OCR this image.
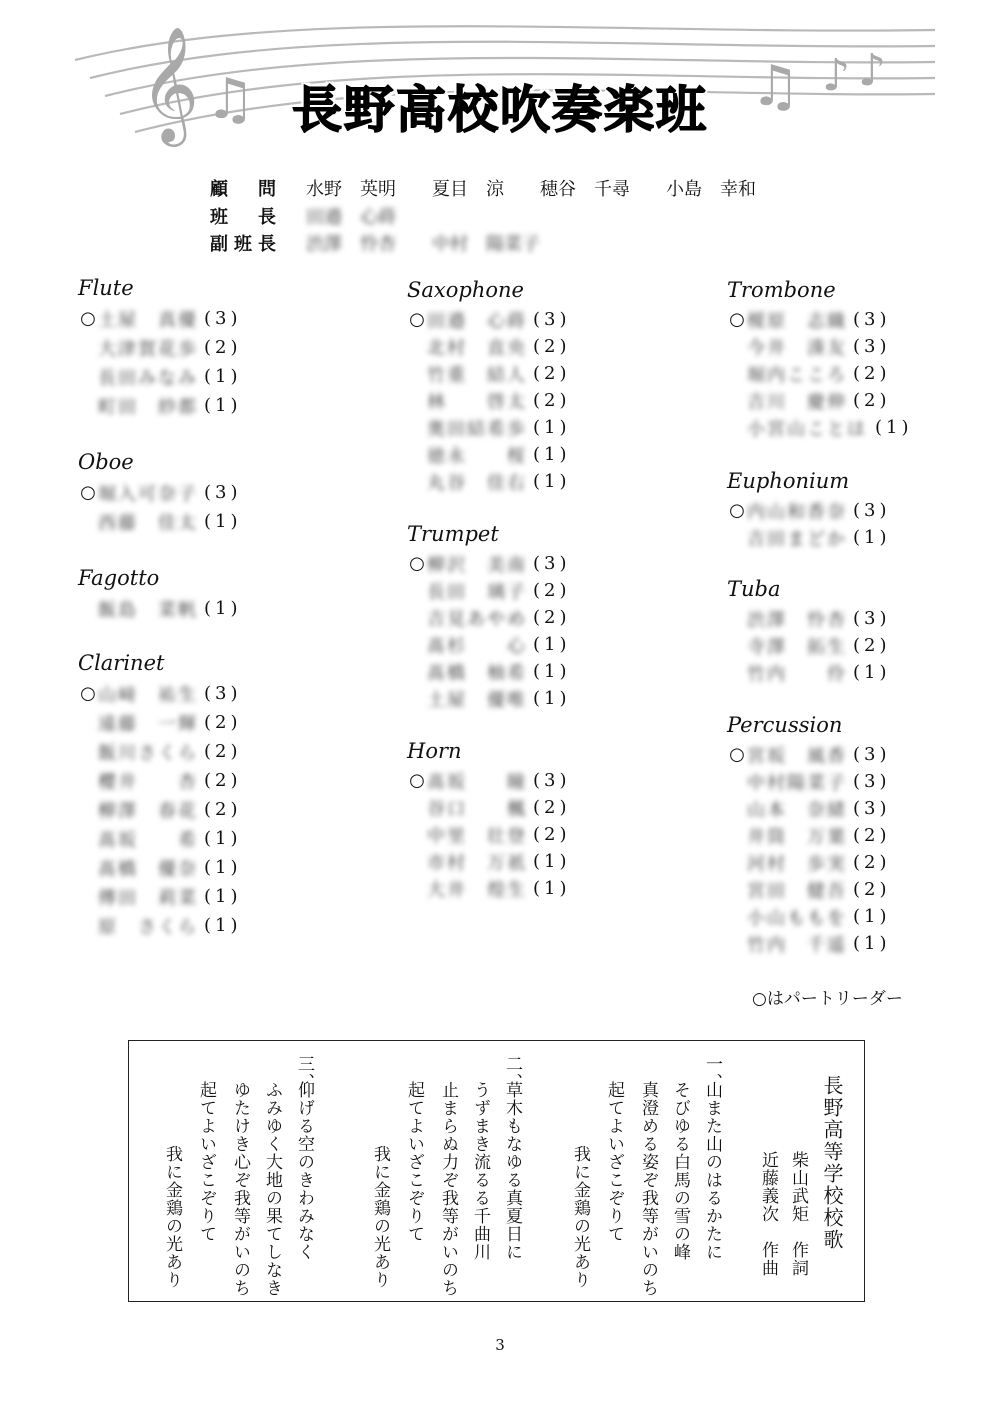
𝄞 ♫	♫ ♪ ♪
長野高校吹奏楽班
顧　問	水野　英明 夏目　涼 穂谷　千尋 小島　幸和
班　長	田邉　心蒔
副班長	渋澤　怜杏 中村　陽菜子
Flute
○ 土屋　真優 (3)
大津賀花歩 (2)
長田みなみ (1)
町田　紗都 (1)
Oboe
○ 堀入可奈子 (3)
西藤　佳太 (1)
Fagotto
飯島　菜帆 (1)
Clarinet
○ 山﨑　祐生 (3)
遠藤　一輝 (2)
飯川さくら (2)
櫻井　　杏 (2)
柳澤　春花 (2)
髙坂　　希 (1)
髙橋　優奈 (1)
傳田　莉菜 (1)
原　さくら (1)
Saxophone
○ 田邉　心蒔 (3)
北村　直央 (2)
竹重　結人 (2)
林　　啓太 (2)
奥田結希歩 (1)
徳永　　桜 (1)
丸谷　佳右 (1)
Trumpet
○ 柳沢　美南 (3)
長田　璃子 (2)
吉見あやめ (2)
髙杉　　心 (1)
髙橋　柚希 (1)
土屋　優唯 (1)
Horn
○ 髙坂　　瞳 (3)
谷口　　楓 (2)
中里　壮登 (2)
市村　万祇 (1)
大井　煌生 (1)
Trombone
○ 榎原　志織 (3)
今井　湊友 (3)
堀内こころ (2)
吉川　慶伸 (2)
小宮山ことは (1)
Euphonium
○ 内山和香奈 (3)
吉田まどか (1)
Tuba
渋澤　怜杏 (3)
寺澤　拓生 (2)
竹内　　伶 (1)
Percussion
○ 宮坂　風香 (3)
中村陽菜子 (3)
山本　奈緒 (3)
井筒　万葉 (2)
河村　歩実 (2)
宮田　健吾 (2)
小山ももを (1)
竹内　千遥 (1)
○はパートリーダー
長野高等学校校歌
柴山武矩　作詞
近藤義次　作曲
一、
山また山のはるかたに
そびゆる白馬の雪の峰
真澄める姿ぞ我等がいのち
起てよいざこぞりて
我に金鶏の光あり
二、
草木もなゆる真夏日に
うずまき流るる千曲川
止まらぬ力ぞ我等がいのち
起てよいざこぞりて
我に金鶏の光あり
三、
仰げる空のきわみなく
ふみゆく大地の果てしなき
ゆたけき心ぞ我等がいのち
起てよいざこぞりて
我に金鶏の光あり
3
